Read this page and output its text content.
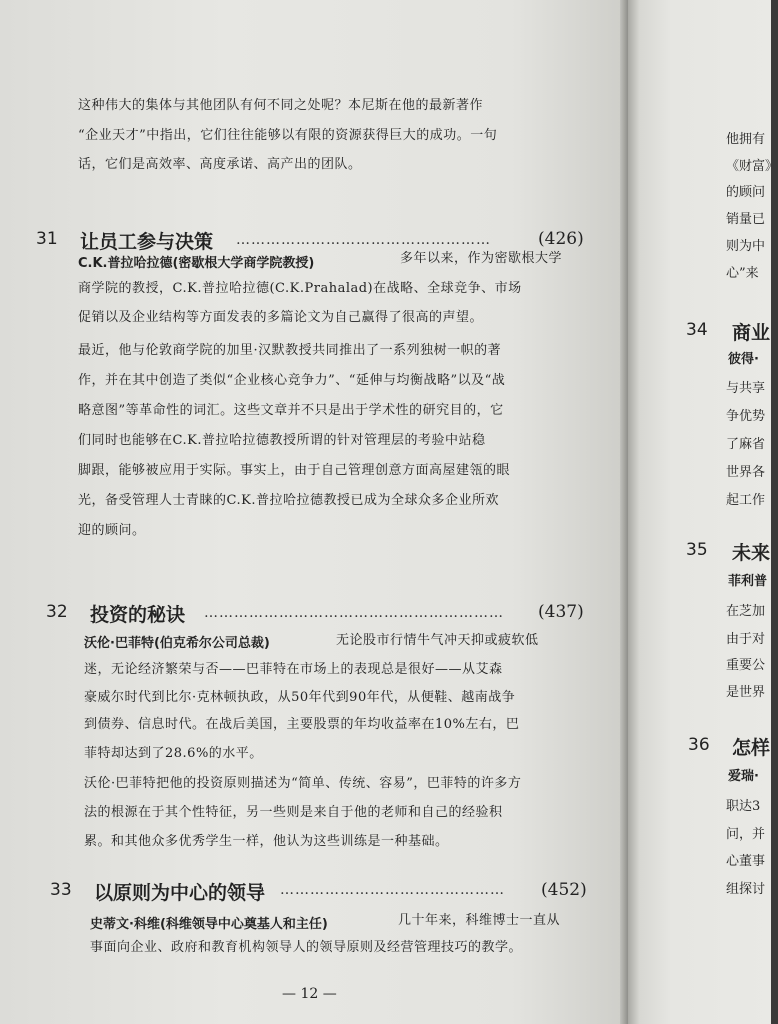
这种伟大的集体与其他团队有何不同之处呢？本尼斯在他的最新著作
“企业天才”中指出，它们往往能够以有限的资源获得巨大的成功。一句
话，它们是高效率、高度承诺、高产出的团队。
31 让员工参与决策 ……………………………………………	(426)
C.K.普拉哈拉德(密歇根大学商学院教授)	多年以来，作为密歇根大学
商学院的教授，C.K.普拉哈拉德(C.K.Prahalad)在战略、全球竞争、市场
促销以及企业结构等方面发表的多篇论文为自己赢得了很高的声望。
最近，他与伦敦商学院的加里·汉默教授共同推出了一系列独树一帜的著
作，并在其中创造了类似“企业核心竞争力”、“延伸与均衡战略”以及“战
略意图”等革命性的词汇。这些文章并不只是出于学术性的研究目的，它
们同时也能够在C.K.普拉哈拉德教授所谓的针对管理层的考验中站稳
脚跟，能够被应用于实际。事实上，由于自己管理创意方面高屋建瓴的眼
光，备受管理人士青睐的C.K.普拉哈拉德教授已成为全球众多企业所欢
迎的顾问。
32 投资的秘诀 …………………………………………………… (437)
沃伦·巴菲特(伯克希尔公司总裁)	无论股市行情牛气冲天抑或疲软低
迷，无论经济繁荣与否——巴菲特在市场上的表现总是很好——从艾森
豪威尔时代到比尔·克林顿执政，从50年代到90年代，从便鞋、越南战争
到债券、信息时代。在战后美国，主要股票的年均收益率在10%左右，巴
菲特却达到了28.6%的水平。
沃伦·巴菲特把他的投资原则描述为“简单、传统、容易”，巴菲特的许多方
法的根源在于其个性特征，另一些则是来自于他的老师和自己的经验积
累。和其他众多优秀学生一样，他认为这些训练是一种基础。
33 以原则为中心的领导 ……………………………………… (452)
史蒂文·科维(科维领导中心奠基人和主任)	几十年来，科维博士一直从
事面向企业、政府和教育机构领导人的领导原则及经营管理技巧的教学。
— 12 —
他拥有
《财富》
的顾问
销量已
则为中
心”来
34 商业
彼得·
与共享
争优势
了麻省
世界各
起工作
35 未来
菲利普
在芝加
由于对
重要公
是世界
36 怎样
爱瑞·
职达3
问，并
心董事
组探讨
